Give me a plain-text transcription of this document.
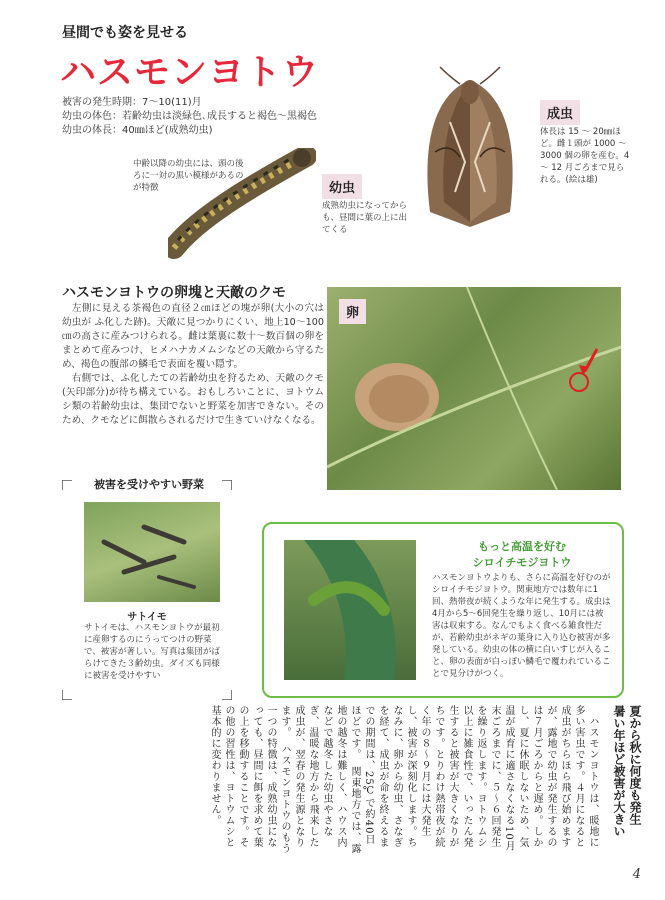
昼間でも姿を見せる
ハスモンヨトウ
被害の発生時期：7～10(11)月
幼虫の体色：若齢幼虫は淡緑色､成長すると褐色～黒褐色
幼虫の体長：40㎜ほど(成熟幼虫)
成虫
体長は 15 ～ 20㎜ほど。雌１頭が 1000 ～ 3000 個の卵を産む。4 ～ 12 月ごろまで見られる。(絵は雄)
中齢以降の幼虫には、頭の後ろに一対の黒い模様があるのが特徴	幼虫
成熟幼虫になってからも、昼間に葉の上に出てくる
ハスモンヨトウの卵塊と天敵のクモ
　左側に見える茶褐色の直径２㎝ほどの塊が卵(大小の穴は幼虫が ふ化した跡)。天敵に見つかりにくい、地上10～100㎝の高さに産みつけられる。雌は葉裏に数十～数百個の卵をまとめて産みつけ、ヒメハナカメムシなどの天敵から守るため、褐色の腹部の鱗毛で表面を覆い隠す。
　右側では、ふ化したての若齢幼虫を狩るため、天敵のクモ(矢印部分)が待ち構えている。おもしろいことに、ヨトウムシ類の若齢幼虫は、集団でないと野菜を加害できない。そのため、クモなどに餌散らされるだけで生きていけなくなる。
卵
被害を受けやすい野菜
サトイモ
サトイモは、ハスモンヨトウが最初に産卵するのにうってつけの野菜で、被害が著しい。写真は集団がばらけてきた３齢幼虫。ダイズも同様に被害を受けやすい
もっと高温を好む
シロイチモジヨトウ
ハスモンヨトウよりも、さらに高温を好むのがシロイチモジヨトウ。関東地方では数年に1回、熱帯夜が続くような年に発生する。成虫は4月から5～6回発生を繰り返し、10月には被害は収束する。なんでもよく食べる雑食性だが、若齢幼虫がネギの葉身に入り込む被害が多発している。幼虫の体の横に白いすじが入ること、卵の表面が白っぽい鱗毛で覆われていることで見分けがつく。
夏から秋に何度も発生
暑い年ほど被害が大きい
　ハスモンヨトウは、暖地に多い害虫です。４月になると成虫がちらほら飛び始めますが、露地で幼虫が発生するのは７月ごろからと遅め。しかし、夏に休眠しないため、気温が成育に適さなくなる10月末ごろまでに、５～６回発生を繰り返します。ヨトウムシ以上に雑食性で、いったん発生すると被害が大きくなりがちです。とりわけ熱帯夜が続く年の８～９月には大発生し、被害が深刻化します。ちなみに、卵から幼虫、さなぎを経て、成虫が命を終えるまでの期間は、25℃で約40日ほどです。　関東地方では、露地の越冬は難しく、ハウス内などで越冬した幼虫やさなぎ、温暖な地方から飛来した成虫が、翌春の発生源となります。　ハスモンヨトウのもう一つの特徴は、成熟幼虫になっても、昼間に餌を求めて葉の上を移動することです。その他の習性は、ヨトウムシと基本的に変わりません。
4
